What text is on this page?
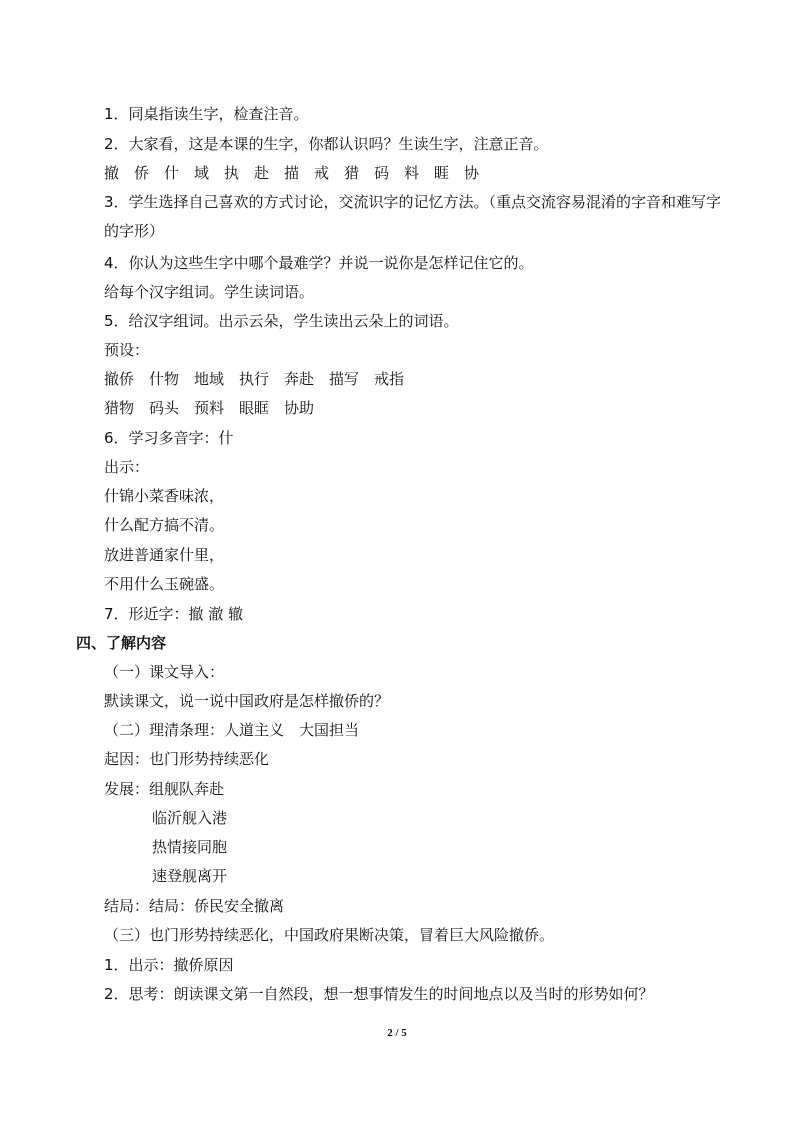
1．同桌指读生字，检查注音。
2．大家看，这是本课的生字，你都认识吗？生读生字，注意正音。
撤　侨　什　域　执　赴　描　戒　猎　码　料　睚　协
3．学生选择自己喜欢的方式讨论，交流识字的记忆方法。（重点交流容易混淆的字音和难写字的字形）
4．你认为这些生字中哪个最难学？并说一说你是怎样记住它的。
给每个汉字组词。学生读词语。
5．给汉字组词。出示云朵，学生读出云朵上的词语。
预设：
撤侨　什物　地域　执行　奔赴　描写　戒指
猎物　码头　预料　眼眶　协助
6．学习多音字：什
出示：
什锦小菜香味浓，
什么配方搞不清。
放进普通家什里，
不用什么玉碗盛。
7．形近字：撤 澈 辙
四、了解内容
（一）课文导入：
默读课文，说一说中国政府是怎样撤侨的？
（二）理清条理：人道主义　大国担当
起因：也门形势持续恶化
发展：组舰队奔赴
临沂舰入港
热情接同胞
速登舰离开
结局：结局：侨民安全撤离
（三）也门形势持续恶化，中国政府果断决策，冒着巨大风险撤侨。
1．出示：撤侨原因
2．思考：朗读课文第一自然段，想一想事情发生的时间地点以及当时的形势如何？
2 / 5
